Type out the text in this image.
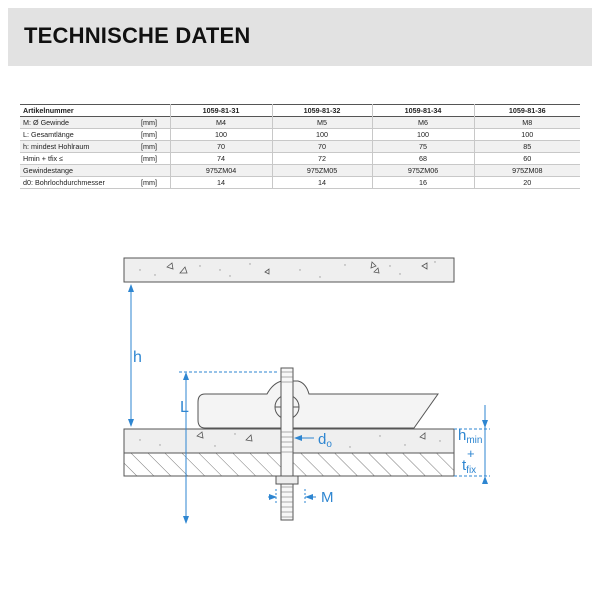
TECHNISCHE DATEN
Artikelnummer		1059-81-31	1059-81-32	1059-81-34	1059-81-36
M: Ø Gewinde	[mm]	M4	M5	M6	M8
L: Gesamtlänge	[mm]	100	100	100	100
h: mindest Hohlraum	[mm]	70	70	75	85
Hmin + tfix ≤	[mm]	74	72	68	60
Gewindestange		975ZM04	975ZM05	975ZM06	975ZM08
d0: Bohrlochdurchmesser	[mm]	14	14	16	20
h
L
$d_o$
M
$h_{min}$
+
$t_{fix}$
